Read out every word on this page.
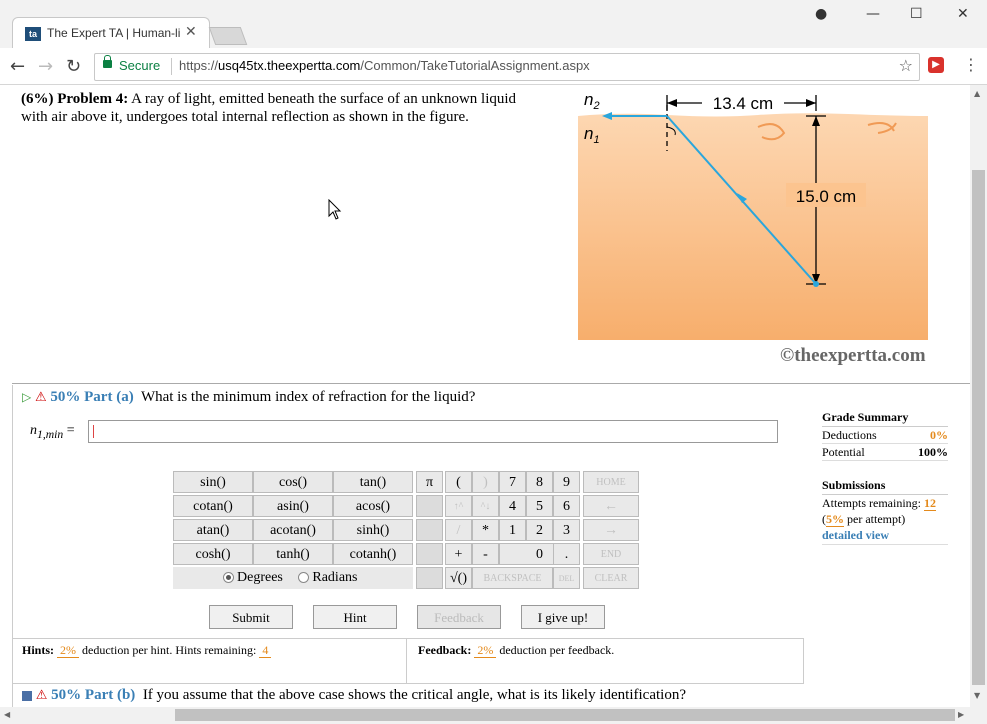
ta The Expert TA | Human-li ✕
●	— ☐ ✕
← → ↻	Secure https://usq45tx.theexpertta.com/Common/TakeTutorialAssignment.aspx	☆	▶ ⋮
(6%) Problem 4: A ray of light, emitted beneath the surface of an unknown liquid with air above it, undergoes total internal reflection as shown in the figure.
$n_2$
$n_1$
13.4 cm
15.0 cm
©theexpertta.com
▷ ⚠ 50% Part (a) What is the minimum index of refraction for the liquid?
$n_{1,min}$ =
sin()	cos()	tan()
cotan()	asin()	acos()
atan()	acotan()	sinh()
cosh()	tanh()	cotanh()
Degrees Radians
π	(	)
↑^	^↓
/	*
+	-
√()
7	8	9
4	5	6
1	2	3
0	.
BACKSPACE	DEL
HOME
←
→
END
CLEAR
Submit	Hint	Feedback	I give up!
Hints: 2% deduction per hint. Hints remaining: 4	Feedback: 2% deduction per feedback.
Grade Summary
Deductions	0%
Potential	100%
Submissions
Attempts remaining: 12
(5% per attempt)
detailed view
⚠ 50% Part (b) If you assume that the above case shows the critical angle, what is its likely identification?
▲
▼
◀	▶
